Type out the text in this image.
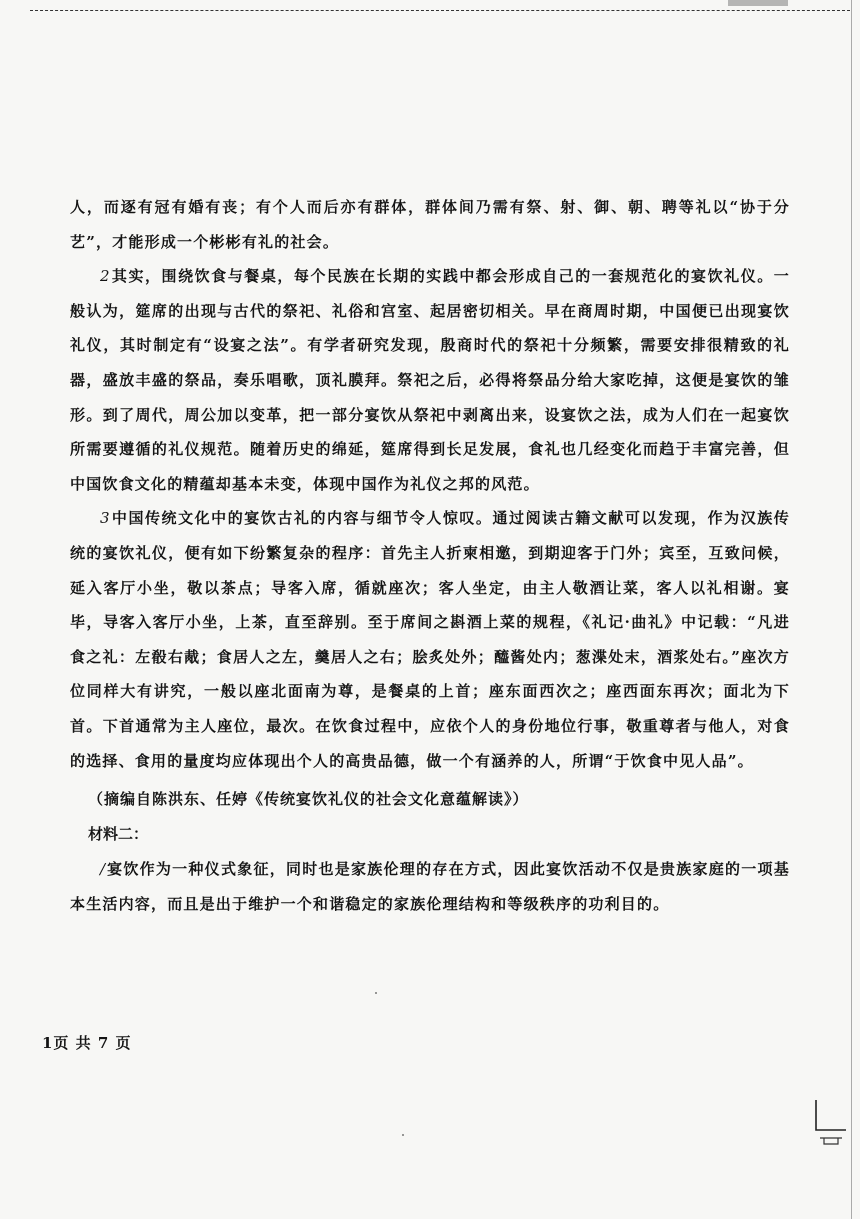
人，而逐有冠有婚有丧；有个人而后亦有群体，群体间乃需有祭、射、御、朝、聘等礼以“协于分艺”，才能形成一个彬彬有礼的社会。

2 其实，围绕饮食与餐桌，每个民族在长期的实践中都会形成自己的一套规范化的宴饮礼仪。一般认为，筵席的出现与古代的祭祀、礼俗和宫室、起居密切相关。早在商周时期，中国便已出现宴饮礼仪，其时制定有“设宴之法”。有学者研究发现，殷商时代的祭祀十分频繁，需要安排很精致的礼器，盛放丰盛的祭品，奏乐唱歌，顶礼膜拜。祭祀之后，必得将祭品分给大家吃掉，这便是宴饮的雏形。到了周代，周公加以变革，把一部分宴饮从祭祀中剥离出来，设宴饮之法，成为人们在一起宴饮所需要遵循的礼仪规范。随着历史的绵延，筵席得到长足发展，食礼也几经变化而趋于丰富完善，但中国饮食文化的精蕴却基本未变，体现中国作为礼仪之邦的风范。

3 中国传统文化中的宴饮古礼的内容与细节令人惊叹。通过阅读古籍文献可以发现，作为汉族传统的宴饮礼仪，便有如下纷繁复杂的程序：首先主人折柬相邀，到期迎客于门外；宾至，互致问候，延入客厅小坐，敬以茶点；导客入席，循就座次；客人坐定，由主人敬酒让菜，客人以礼相谢。宴毕，导客入客厅小坐，上茶，直至辞别。至于席间之斟酒上菜的规程，《礼记·曲礼》中记载：“凡进食之礼：左殽右胾；食居人之左，羹居人之右；脍炙处外；醯酱处内；葱渫处末，酒浆处右。”座次方位同样大有讲究，一般以座北面南为尊，是餐桌的上首；座东面西次之；座西面东再次；面北为下首。下首通常为主人座位，最次。在饮食过程中，应依个人的身份地位行事，敬重尊者与他人，对食的选择、食用的量度均应体现出个人的高贵品德，做一个有涵养的人，所谓“于饮食中见人品”。

（摘编自陈洪东、任婷《传统宴饮礼仪的社会文化意蕴解读》）

材料二：

/ 宴饮作为一种仪式象征，同时也是家族伦理的存在方式，因此宴饮活动不仅是贵族家庭的一项基本生活内容，而且是出于维护一个和谐稳定的家族伦理结构和等级秩序的功利目的。

1页 共 7 页
